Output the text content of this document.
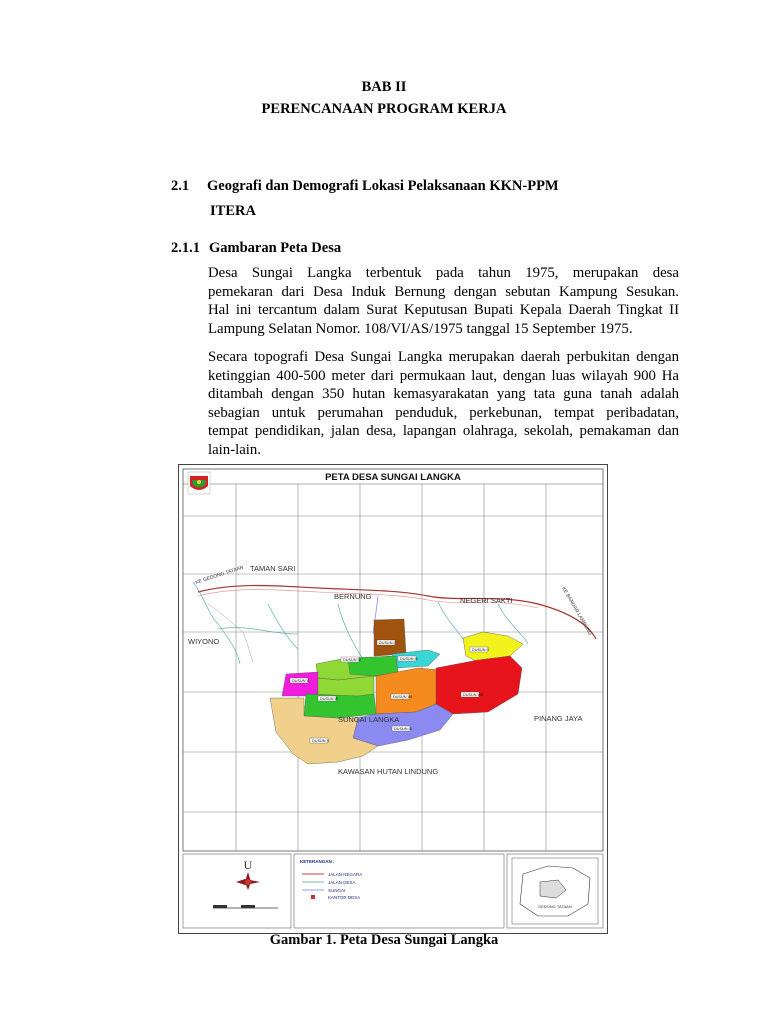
BAB II
PERENCANAAN PROGRAM KERJA
2.1 Geografi dan Demografi Lokasi Pelaksanaan KKN-PPM
ITERA
2.1.1 Gambaran Peta Desa
Desa Sungai Langka terbentuk pada tahun 1975, merupakan desa
pemekaran dari Desa Induk Bernung dengan sebutan Kampung Sesukan.
Hal ini tercantum dalam Surat Keputusan Bupati Kepala Daerah Tingkat II
Lampung Selatan Nomor. 108/VI/AS/1975 tanggal 15 September 1975.
Secara topografi Desa Sungai Langka merupakan daerah perbukitan dengan
ketinggian 400-500 meter dari permukaan laut, dengan luas wilayah 900 Ha
ditambah dengan 350 hutan kemasyarakatan yang tata guna tanah adalah
sebagian untuk perumahan penduduk, perkebunan, tempat peribadatan,
tempat pendidikan, jalan desa, lapangan olahraga, sekolah, pemakaman dan
lain-lain.
PETA DESA SUNGAI LANGKA
DUSUN I
DUSUN II
DUSUN III
DUSUN IV
DUSUN V
DUSUN VI	DUSUN VII	DUSUN VIII
DUSUN IX
DUSUN X
TAMAN SARI
BERNUNG	NEGERI SAKTI
WIYONO
SUNGAI LANGKA	PINANG JAYA
KAWASAN HUTAN LINDUNG
KE GEDONG TATAAN
KE BANDAR LAMPUNG
U	KETERANGAN :
JALAN NEGARA
JALAN DESA
SUNGAI
KANTOR DESA
GEDONG TATAAN
Gambar 1. Peta Desa Sungai Langka
